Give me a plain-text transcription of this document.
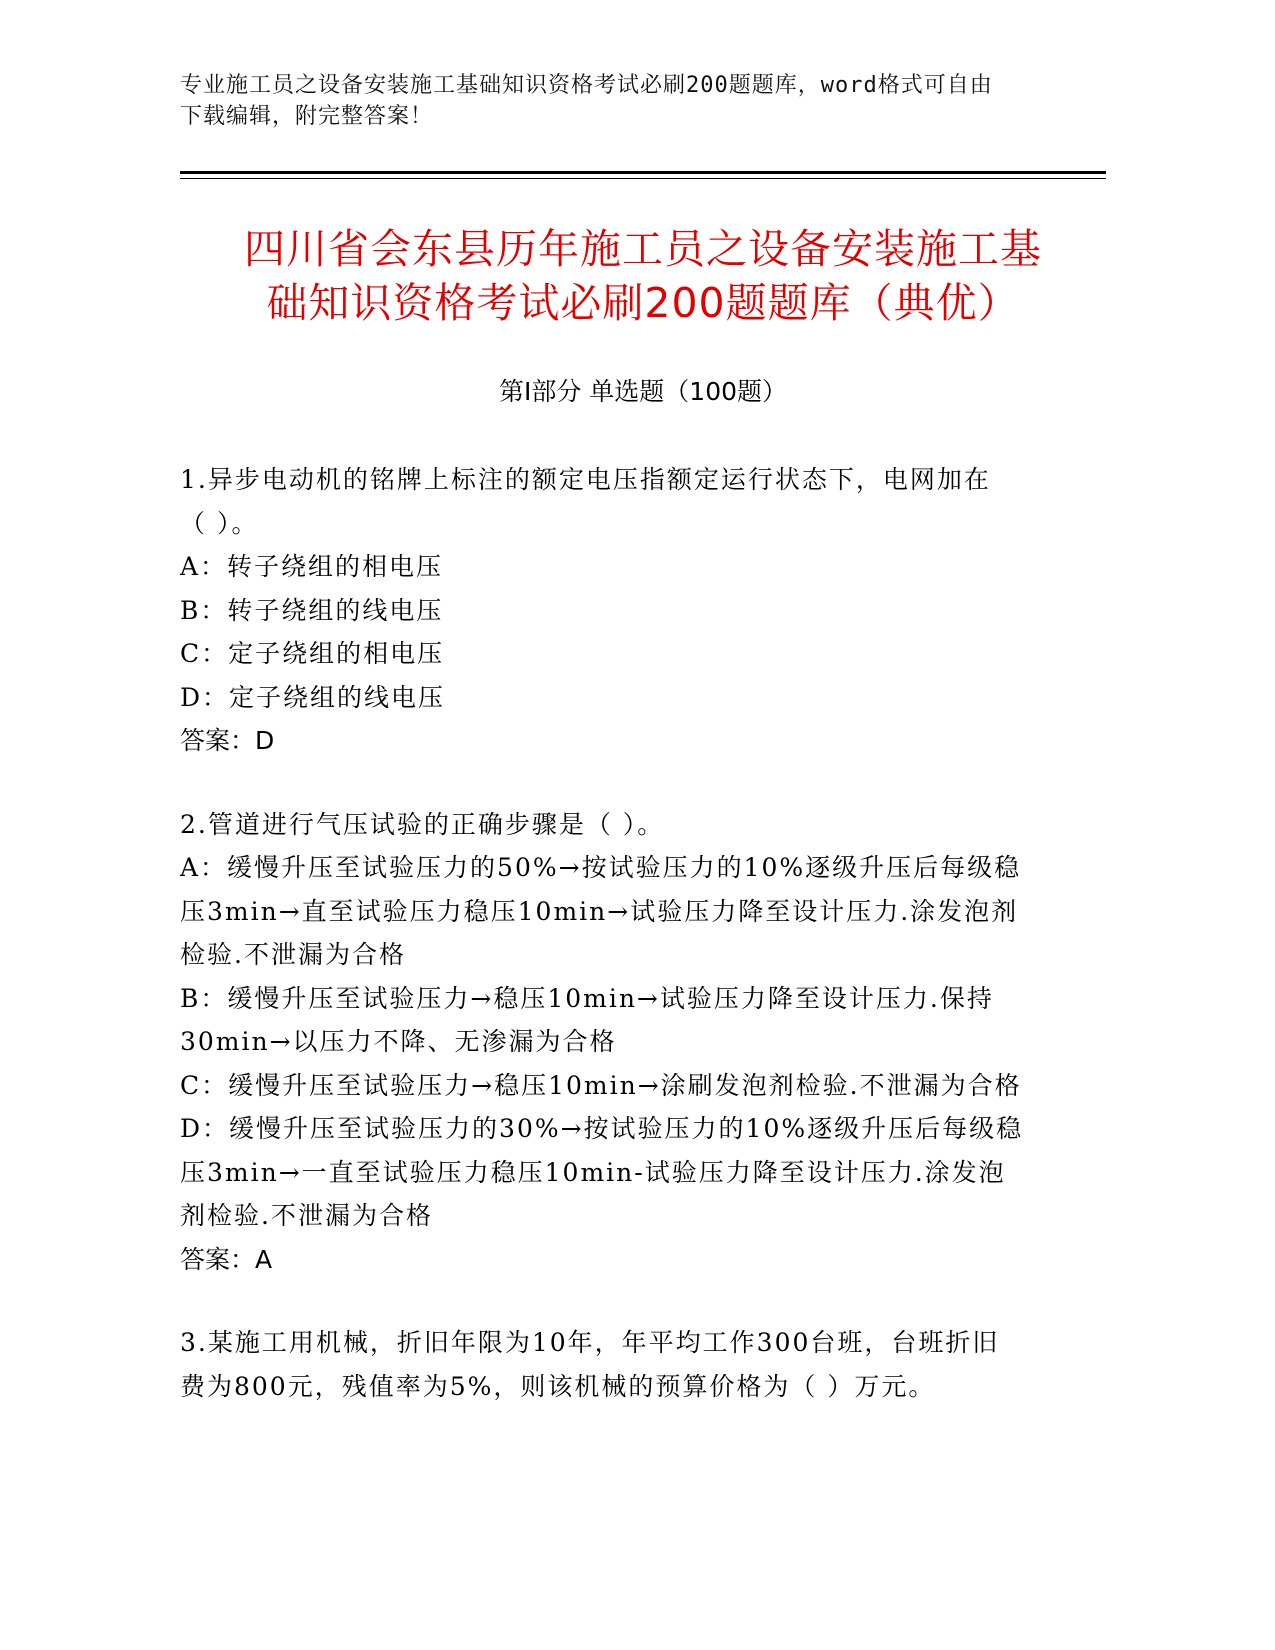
专业施工员之设备安装施工基础知识资格考试必刷200题题库，word格式可自由
下载编辑，附完整答案！
四川省会东县历年施工员之设备安装施工基
础知识资格考试必刷200题题库（典优）
第Ⅰ部分 单选题（100题）
1.异步电动机的铭牌上标注的额定电压指额定运行状态下，电网加在
（ ）。
A：转子绕组的相电压
B：转子绕组的线电压
C：定子绕组的相电压
D：定子绕组的线电压
答案：D
2.管道进行气压试验的正确步骤是（ ）。
A：缓慢升压至试验压力的50%→按试验压力的10%逐级升压后每级稳
压3min→直至试验压力稳压10min→试验压力降至设计压力.涂发泡剂
检验.不泄漏为合格
B：缓慢升压至试验压力→稳压10min→试验压力降至设计压力.保持
30min→以压力不降、无渗漏为合格
C：缓慢升压至试验压力→稳压10min→涂刷发泡剂检验.不泄漏为合格
D：缓慢升压至试验压力的30%→按试验压力的10%逐级升压后每级稳
压3min→一直至试验压力稳压10min-试验压力降至设计压力.涂发泡
剂检验.不泄漏为合格
答案：A
3.某施工用机械，折旧年限为10年，年平均工作300台班，台班折旧
费为800元，残值率为5%，则该机械的预算价格为（ ）万元。
